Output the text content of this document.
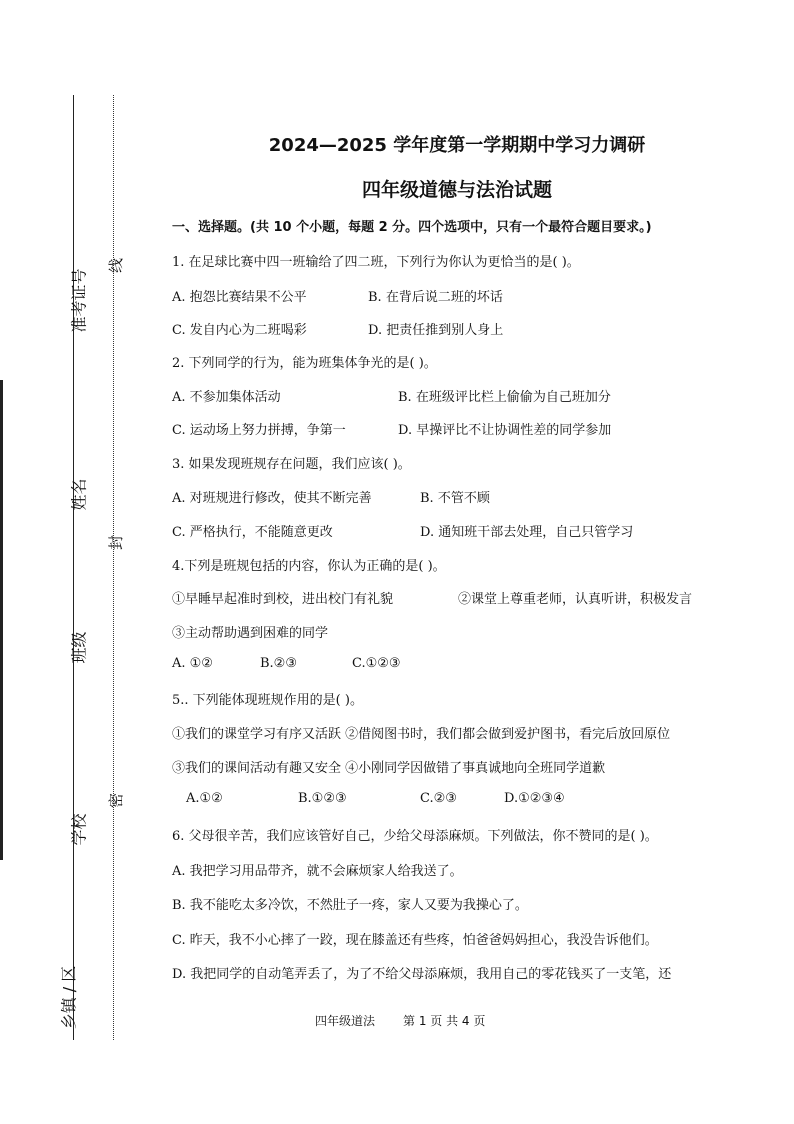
准考证号
姓名
班级
学校
乡镇 / 区
线
封
密
2024—2025 学年度第一学期期中学习力调研
四年级道德与法治试题
一、选择题。(共 10 个小题，每题 2 分。四个选项中，只有一个最符合题目要求。)
1. 在足球比赛中四一班输给了四二班，下列行为你认为更恰当的是( )。
A. 抱怨比赛结果不公平	B. 在背后说二班的坏话
C. 发自内心为二班喝彩	D. 把责任推到别人身上
2. 下列同学的行为，能为班集体争光的是( )。
A. 不参加集体活动	B. 在班级评比栏上偷偷为自己班加分
C. 运动场上努力拼搏，争第一	D. 早操评比不让协调性差的同学参加
3. 如果发现班规存在问题，我们应该( )。
A. 对班规进行修改，使其不断完善	B. 不管不顾
C. 严格执行，不能随意更改	D. 通知班干部去处理，自己只管学习
4.下列是班规包括的内容，你认为正确的是( )。
①早睡早起准时到校，进出校门有礼貌	②课堂上尊重老师，认真听讲，积极发言
③主动帮助遇到困难的同学
A. ①②	B.②③	C.①②③
5.. 下列能体现班规作用的是( )。
①我们的课堂学习有序又活跃 ②借阅图书时，我们都会做到爱护图书，看完后放回原位
③我们的课间活动有趣又安全 ④小刚同学因做错了事真诚地向全班同学道歉
A.①②	B.①②③	C.②③	D.①②③④
6. 父母很辛苦，我们应该管好自己，少给父母添麻烦。下列做法，你不赞同的是( )。
A. 我把学习用品带齐，就不会麻烦家人给我送了。
B. 我不能吃太多冷饮，不然肚子一疼，家人又要为我操心了。
C. 昨天，我不小心摔了一跤，现在膝盖还有些疼，怕爸爸妈妈担心，我没告诉他们。
D. 我把同学的自动笔弄丢了，为了不给父母添麻烦，我用自己的零花钱买了一支笔，还
四年级道法 第 1 页 共 4 页
